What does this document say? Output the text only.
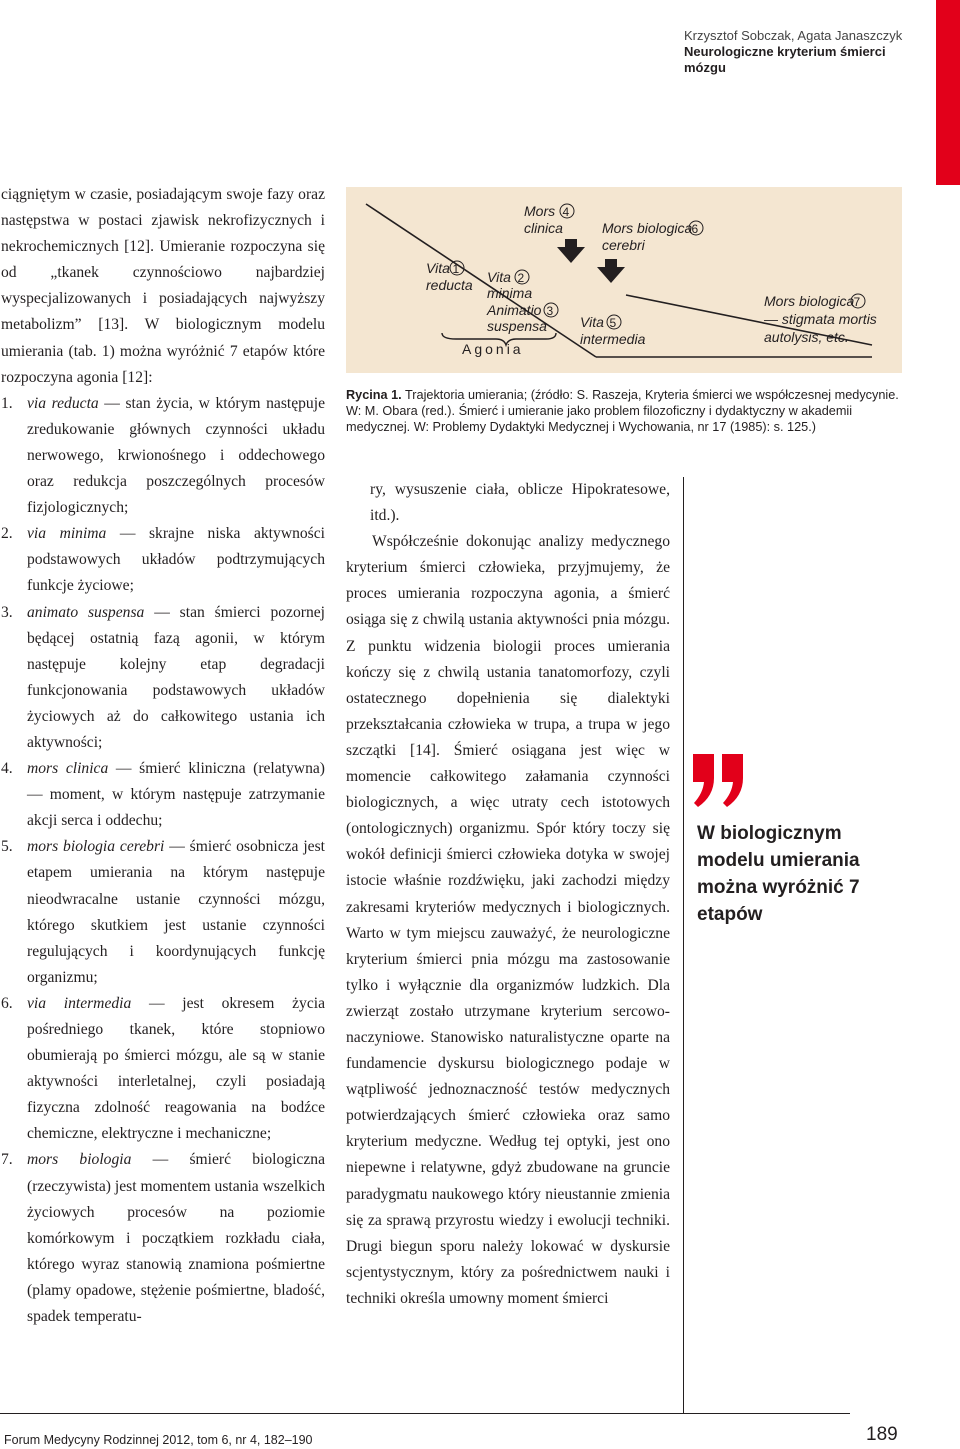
Krzysztof Sobczak, Agata Janaszczyk
Neurologiczne kryterium śmierci mózgu

ciągniętym w czasie, posiadającym swoje fazy oraz następstwa w postaci zjawisk nekrofizycznych i nekrochemicznych [12]. Umieranie rozpoczyna się od „tkanek czynnościowo najbardziej wyspecjalizowanych i posiadających najwyższy metabolizm” [13]. W biologicznym modelu umierania (tab. 1) można wyróżnić 7 etapów które rozpoczyna agonia [12]:

1. via reducta — stan życia, w którym następuje zredukowanie głównych czynności układu nerwowego, krwionośnego i oddechowego oraz redukcja poszczególnych procesów fizjologicznych;
2. via minima — skrajne niska aktywności podstawowych układów podtrzymujących funkcje życiowe;
3. animato suspensa — stan śmierci pozornej będącej ostatnią fazą agonii, w którym następuje kolejny etap degradacji funkcjonowania podstawowych układów życiowych aż do całkowitego ustania ich aktywności;
4. mors clinica — śmierć kliniczna (relatywna) — moment, w którym następuje zatrzymanie akcji serca i oddechu;
5. mors biologia cerebri — śmierć osobnicza jest etapem umierania na którym następuje nieodwracalne ustanie czynności mózgu, którego skutkiem jest ustanie czynności regulujących i koordynujących funkcję organizmu;
6. via intermedia — jest okresem życia pośredniego tkanek, które stopniowo obumierają po śmierci mózgu, ale są w stanie aktywności interletalnej, czyli posiadają fizyczna zdolność reagowania na bodźce chemiczne, elektryczne i mechaniczne;
7. mors biologia — śmierć biologiczna (rzeczywista) jest momentem ustania wszelkich życiowych procesów na poziomie komórkowym i początkiem rozkładu ciała, którego wyraz stanowią znamiona pośmiertne (plamy opadowe, stężenie pośmiertne, bladość, spadek temperatu-
Vita
reducta
1 Vita
minima
2
Animatio
suspensa
3
Agonia
Mors
clinica
4
Mors biologica
cerebri
6
Vita
intermedia
5
Mors biologica
— stigmata mortis
autolysis, etc.
7
Rycina 1. Trajektoria umierania; (źródło: S. Raszeja, Kryteria śmierci we współczesnej medycynie. W: M. Obara (red.). Śmierć i umieranie jako problem filozoficzny i dydaktyczny w akademii medycznej. W: Problemy Dydaktyki Medycznej i Wychowania, nr 17 (1985): s. 125.)

ry, wysuszenie ciała, oblicze Hipokratesowe, itd.).

Współcześnie dokonując analizy medycznego kryterium śmierci człowieka, przyjmujemy, że proces umierania rozpoczyna agonia, a śmierć osiąga się z chwilą ustania aktywności pnia mózgu. Z punktu widzenia biologii proces umierania kończy się z chwilą ustania tanatomorfozy, czyli ostatecznego dopełnienia się dialektyki przekształcania człowieka w trupa, a trupa w jego szczątki [14]. Śmierć osiągana jest więc w momencie całkowitego załamania czynności biologicznych, a więc utraty cech istotowych (ontologicznych) organizmu. Spór który toczy się wokół definicji śmierci człowieka dotyka w swojej istocie właśnie rozdźwięku, jaki zachodzi między zakresami kryteriów medycznych i biologicznych. Warto w tym miejscu zauważyć, że neurologiczne kryterium śmierci pnia mózgu ma zastosowanie tylko i wyłącznie dla organizmów ludzkich. Dla zwierząt zostało utrzymane kryterium sercowo-naczyniowe. Stanowisko naturalistyczne oparte na fundamencie dyskursu biologicznego podaje w wątpliwość jednoznaczność testów medycznych potwierdzających śmierć człowieka oraz samo kryterium medyczne. Według tej optyki, jest ono niepewne i relatywne, gdyż zbudowane na gruncie paradygmatu naukowego który nieustannie zmienia się za sprawą przyrostu wiedzy i ewolucji techniki. Drugi biegun sporu należy lokować w dyskursie scjentystycznym, który za pośrednictwem nauki i techniki określa umowny moment śmierci

W biologicznym modelu umierania można wyróżnić 7 etapów
Forum Medycyny Rodzinnej 2012, tom 6, nr 4, 182–190	189
